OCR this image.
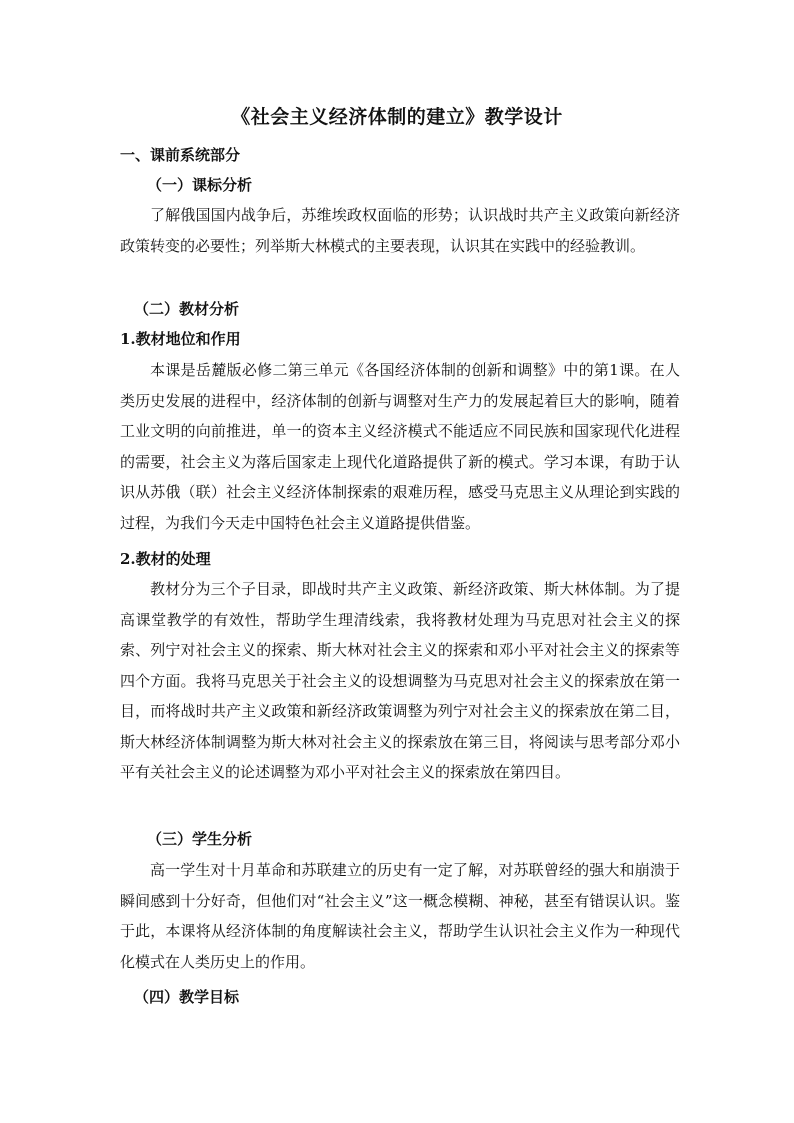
《社会主义经济体制的建立》教学设计
一、课前系统部分
（一）课标分析

了解俄国国内战争后，苏维埃政权面临的形势；认识战时共产主义政策向新经济政策转变的必要性；列举斯大林模式的主要表现，认识其在实践中的经验教训。

（二）教材分析
1.教材地位和作用

本课是岳麓版必修二第三单元《各国经济体制的创新和调整》中的第1课。在人类历史发展的进程中，经济体制的创新与调整对生产力的发展起着巨大的影响，随着工业文明的向前推进，单一的资本主义经济模式不能适应不同民族和国家现代化进程的需要，社会主义为落后国家走上现代化道路提供了新的模式。学习本课，有助于认识从苏俄（联）社会主义经济体制探索的艰难历程，感受马克思主义从理论到实践的过程，为我们今天走中国特色社会主义道路提供借鉴。

2.教材的处理

教材分为三个子目录，即战时共产主义政策、新经济政策、斯大林体制。为了提高课堂教学的有效性，帮助学生理清线索，我将教材处理为马克思对社会主义的探索、列宁对社会主义的探索、斯大林对社会主义的探索和邓小平对社会主义的探索等四个方面。我将马克思关于社会主义的设想调整为马克思对社会主义的探索放在第一目，而将战时共产主义政策和新经济政策调整为列宁对社会主义的探索放在第二目，斯大林经济体制调整为斯大林对社会主义的探索放在第三目，将阅读与思考部分邓小平有关社会主义的论述调整为邓小平对社会主义的探索放在第四目。

（三）学生分析

高一学生对十月革命和苏联建立的历史有一定了解，对苏联曾经的强大和崩溃于瞬间感到十分好奇，但他们对“社会主义”这一概念模糊、神秘，甚至有错误认识。鉴于此，本课将从经济体制的角度解读社会主义，帮助学生认识社会主义作为一种现代化模式在人类历史上的作用。

（四）教学目标
